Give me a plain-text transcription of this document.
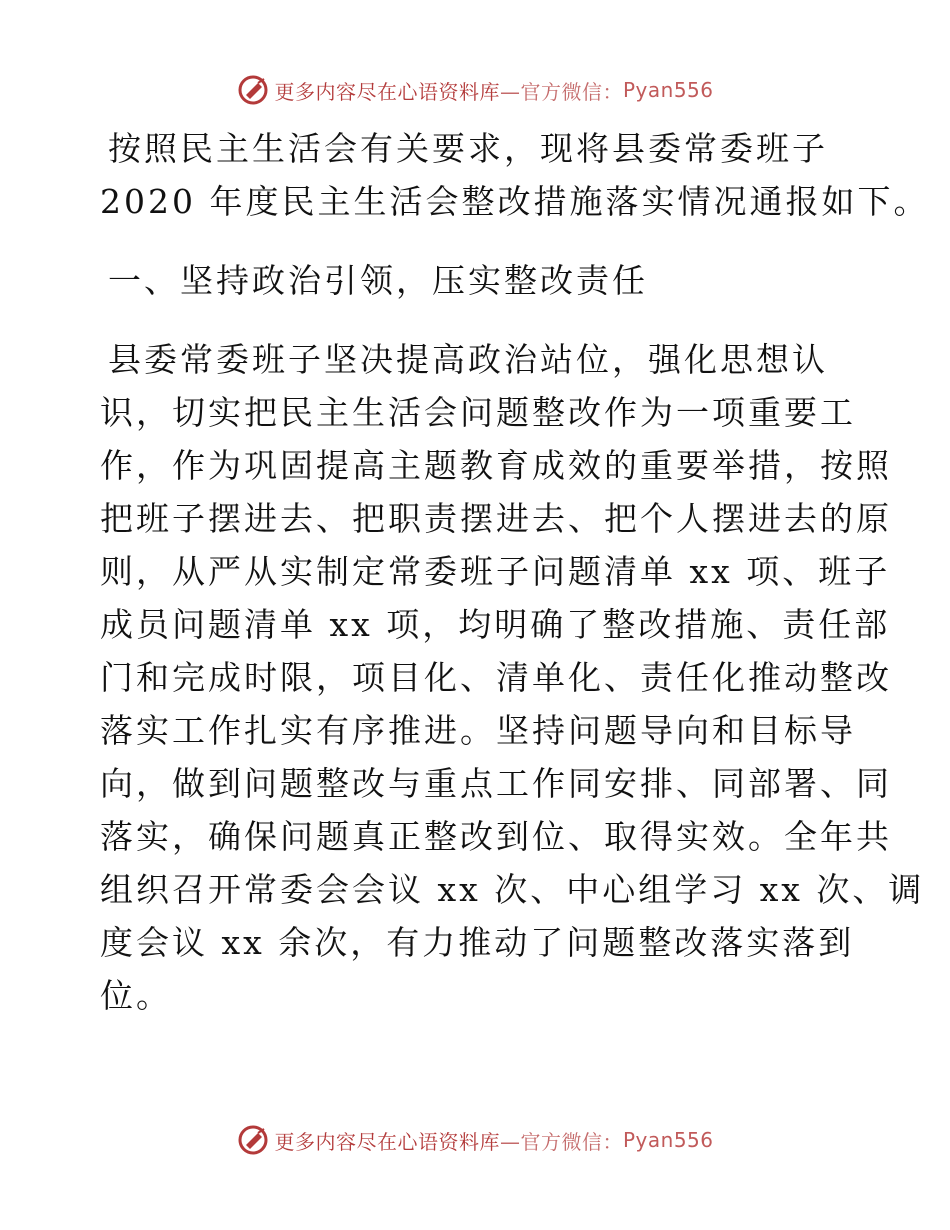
更多内容尽在心语资料库 —官方微信： Pyan556

按照民主生活会有关要求，现将县委常委班子
2020 年度民主生活会整改措施落实情况通报如下。

一、坚持政治引领，压实整改责任

县委常委班子坚决提高政治站位，强化思想认
识，切实把民主生活会问题整改作为一项重要工
作，作为巩固提高主题教育成效的重要举措，按照
把班子摆进去、把职责摆进去、把个人摆进去的原
则，从严从实制定常委班子问题清单 xx 项、班子
成员问题清单 xx 项，均明确了整改措施、责任部
门和完成时限，项目化、清单化、责任化推动整改
落实工作扎实有序推进。坚持问题导向和目标导
向，做到问题整改与重点工作同安排、同部署、同
落实，确保问题真正整改到位、取得实效。全年共
组织召开常委会会议 xx 次、中心组学习 xx 次、调
度会议 xx 余次，有力推动了问题整改落实落到
位。

更多内容尽在心语资料库 —官方微信： Pyan556
